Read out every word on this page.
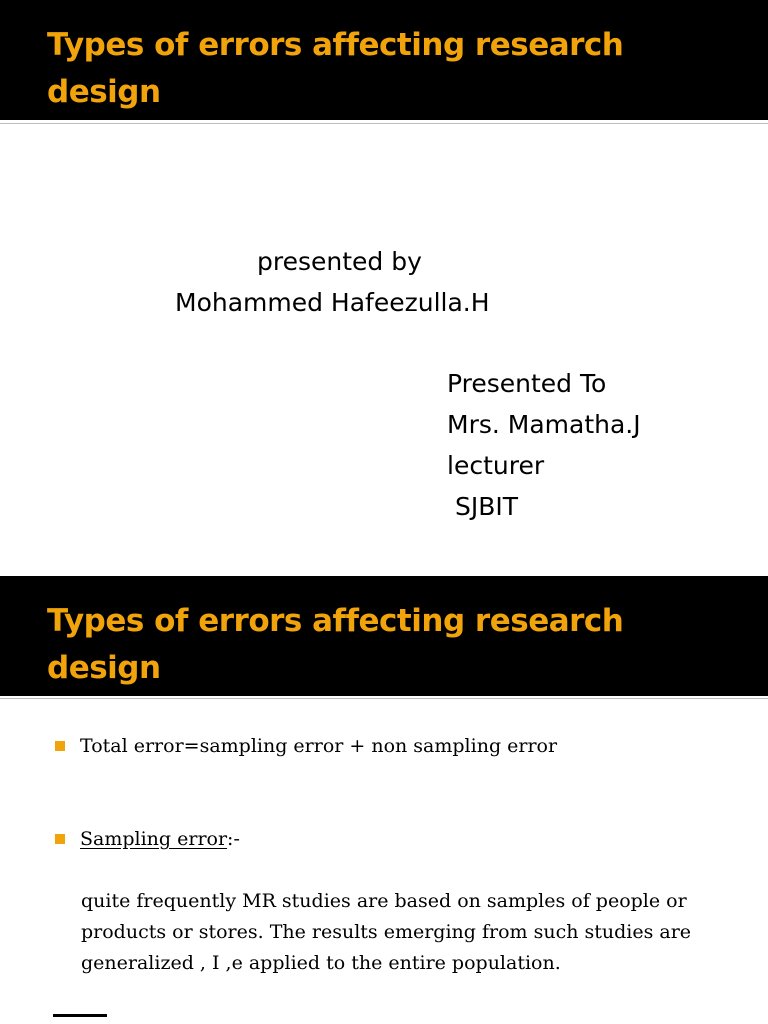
Types of errors affecting research design
presented by
Mohammed Hafeezulla.H
Presented To
Mrs. Mamatha.J
lecturer
SJBIT
Types of errors affecting research design
Total error=sampling error + non sampling error
Sampling error:-
quite frequently MR studies are based on samples of people or products or stores. The results emerging from such studies are generalized , I ,e applied to the entire population.
